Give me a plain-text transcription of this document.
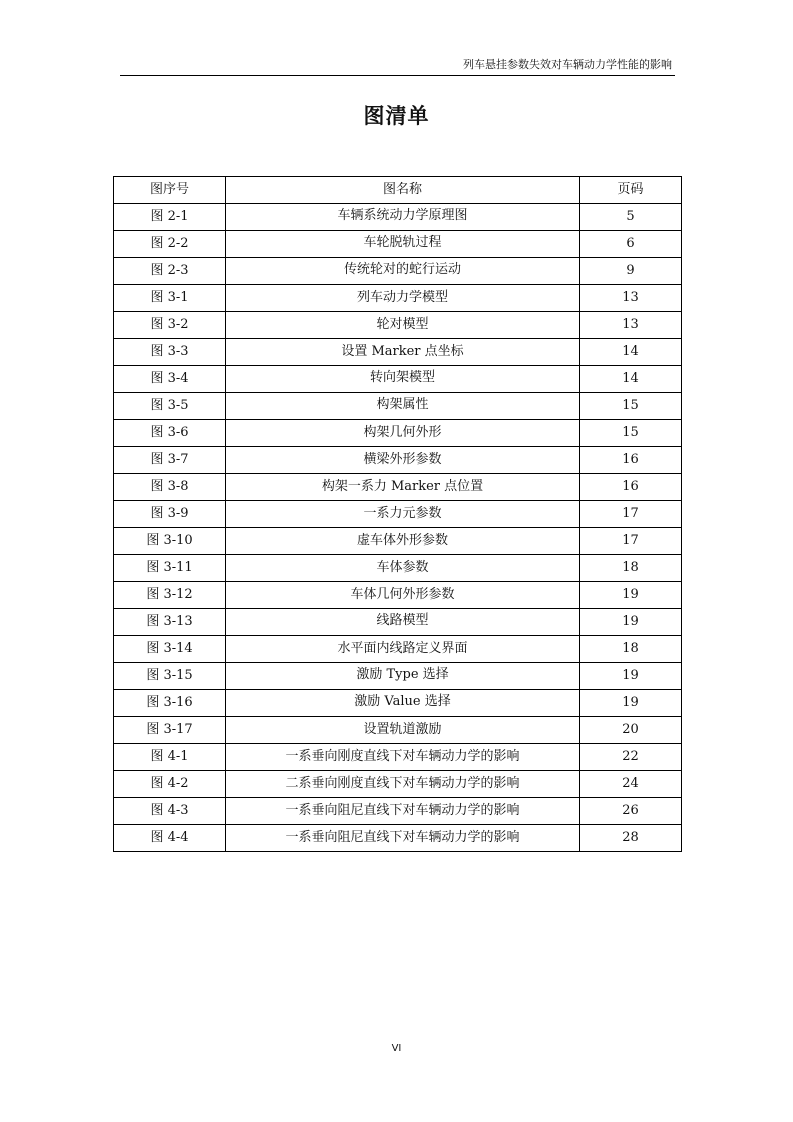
列车悬挂参数失效对车辆动力学性能的影响
图清单
图序号	图名称	页码
图 2-1	车辆系统动力学原理图	5
图 2-2	车轮脱轨过程	6
图 2-3	传统轮对的蛇行运动	9
图 3-1	列车动力学模型	13
图 3-2	轮对模型	13
图 3-3	设置 Marker 点坐标	14
图 3-4	转向架模型	14
图 3-5	构架属性	15
图 3-6	构架几何外形	15
图 3-7	横梁外形参数	16
图 3-8	构架一系力 Marker 点位置	16
图 3-9	一系力元参数	17
图 3-10	虚车体外形参数	17
图 3-11	车体参数	18
图 3-12	车体几何外形参数	19
图 3-13	线路模型	19
图 3-14	水平面内线路定义界面	18
图 3-15	激励 Type 选择	19
图 3-16	激励 Value 选择	19
图 3-17	设置轨道激励	20
图 4-1	一系垂向刚度直线下对车辆动力学的影响	22
图 4-2	二系垂向刚度直线下对车辆动力学的影响	24
图 4-3	一系垂向阻尼直线下对车辆动力学的影响	26
图 4-4	一系垂向阻尼直线下对车辆动力学的影响	28
VI
